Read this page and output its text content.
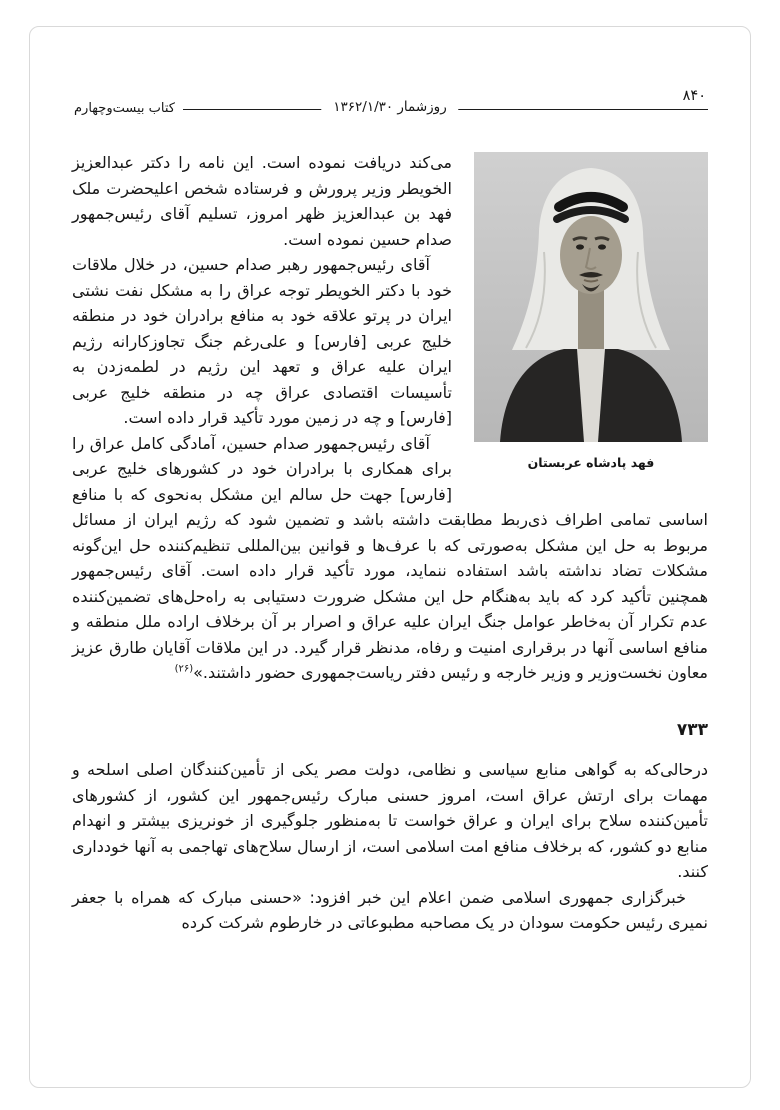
۸۴۰
روزشمار ۱۳۶۲/۱/۳۰
کتاب بیست‌وچهارم
فهد پادشاه عربستان

می‌کند دریافت نموده است. این نامه را دکتر عبدالعزیز الخویطر وزیر پرورش و فرستاده شخص اعلیحضرت ملک فهد بن عبدالعزیز ظهر امروز، تسلیم آقای رئیس‌جمهور صدام حسین نموده است.

آقای رئیس‌جمهور رهبر صدام حسین، در خلال ملاقات خود با دکتر الخویطر توجه عراق را به مشکل نفت نشتی ایران در پرتو علاقه خود به منافع برادران خود در منطقه خلیج عربی [فارس] و علی‌رغم جنگ تجاوزکارانه رژیم ایران علیه عراق و تعهد این رژیم در لطمه‌زدن به تأسیسات اقتصادی عراق چه در منطقه خلیج عربی [فارس] و چه در زمین مورد تأکید قرار داده است.

آقای رئیس‌جمهور صدام حسین، آمادگی کامل عراق را برای همکاری با برادران خود در کشورهای خلیج عربی [فارس] جهت حل سالم این مشکل به‌نحوی که با منافع اساسی تمامی اطراف ذی‌ربط مطابقت داشته باشد و تضمین شود که رژیم ایران از مسائل مربوط به حل این مشکل به‌صورتی که با عرف‌ها و قوانین بین‌المللی تنظیم‌کننده حل این‌گونه مشکلات تضاد نداشته باشد استفاده ننماید، مورد تأکید قرار داده است. آقای رئیس‌جمهور همچنین تأکید کرد که باید به‌هنگام حل این مشکل ضرورت دستیابی به راه‌حل‌های تضمین‌کننده عدم تکرار آن به‌خاطر عوامل جنگ ایران علیه عراق و اصرار بر آن برخلاف اراده ملل منطقه و منافع اساسی آنها در برقراری امنیت و رفاه، مدنظر قرار گیرد. در این ملاقات آقایان طارق عزیز معاون نخست‌وزیر و وزیر خارجه و رئیس دفتر ریاست‌جمهوری حضور داشتند.»$^{(۲۶)}$

۷۳۳

درحالی‌که به گواهی منابع سیاسی و نظامی، دولت مصر یکی از تأمین‌کنندگان اصلی اسلحه و مهمات برای ارتش عراق است، امروز حسنی مبارک رئیس‌جمهور این کشور، از کشورهای تأمین‌کننده سلاح برای ایران و عراق خواست تا به‌منظور جلوگیری از خونریزی بیشتر و انهدام منابع دو کشور، که برخلاف منافع امت اسلامی است، از ارسال سلاح‌های تهاجمی به آنها خودداری کنند.

خبرگزاری جمهوری اسلامی ضمن اعلام این خبر افزود: «حسنی مبارک که همراه با جعفر نمیری رئیس حکومت سودان در یک مصاحبه مطبوعاتی در خارطوم شرکت کرده
